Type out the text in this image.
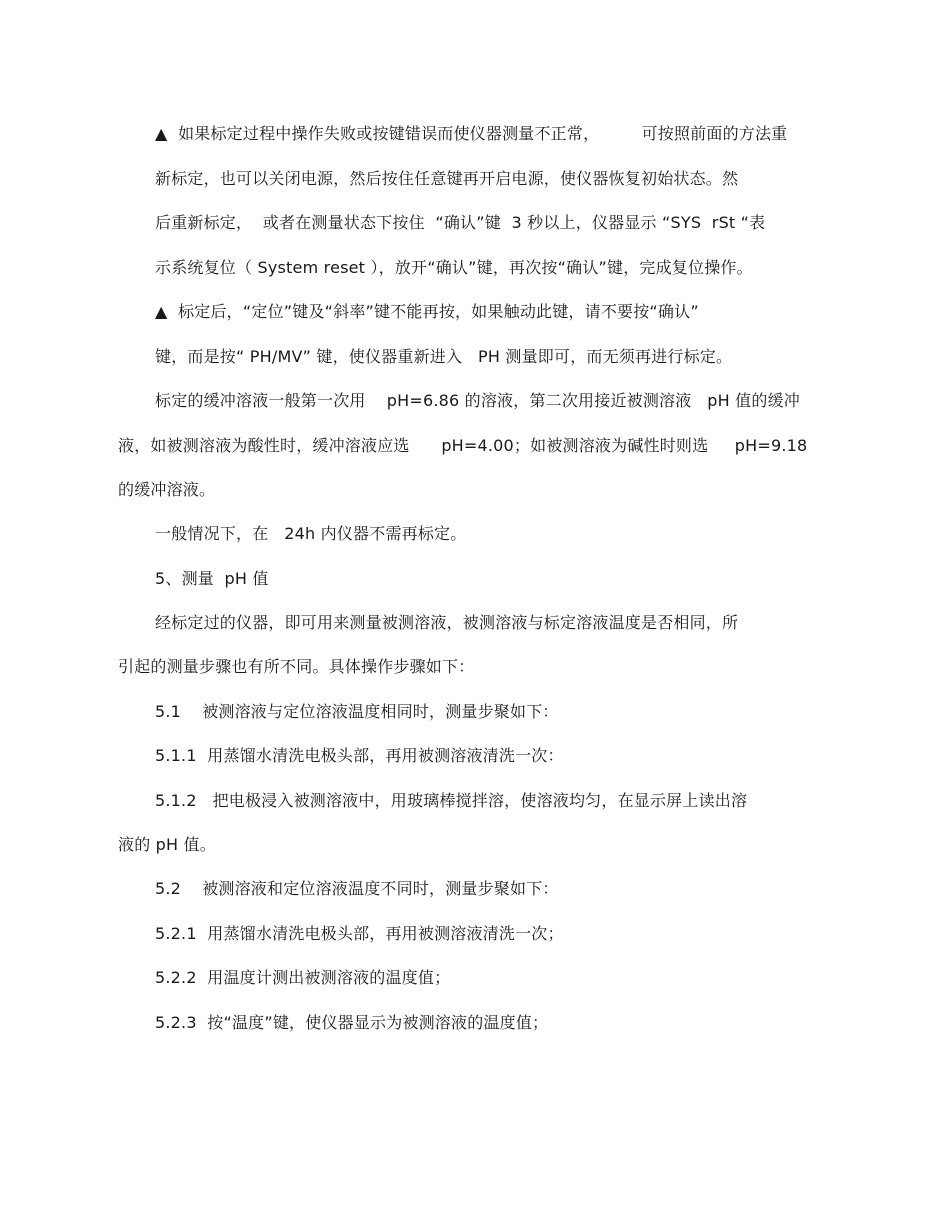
▲  如果标定过程中操作失败或按键错误而使仪器测量不正常，        可按照前面的方法重
新标定，也可以关闭电源，然后按住任意键再开启电源，使仪器恢复初始状态。然
后重新标定，  或者在测量状态下按住  “确认”键  3 秒以上，仪器显示 “SYS  rSt “表
示系统复位（ System reset ），放开“确认”键，再次按“确认”键，完成复位操作。
▲  标定后，“定位”键及“斜率”键不能再按，如果触动此键，请不要按“确认”
键，而是按“ PH/MV” 键，使仪器重新进入   PH 测量即可，而无须再进行标定。
标定的缓冲溶液一般第一次用    pH=6.86 的溶液，第二次用接近被测溶液   pH 值的缓冲
液，如被测溶液为酸性时，缓冲溶液应选      pH=4.00；如被测溶液为碱性时则选     pH=9.18
的缓冲溶液。
一般情况下，在   24h 内仪器不需再标定。
5、测量  pH 值
经标定过的仪器，即可用来测量被测溶液，被测溶液与标定溶液温度是否相同，所
引起的测量步骤也有所不同。具体操作步骤如下：
5.1    被测溶液与定位溶液温度相同时，测量步聚如下：
5.1.1  用蒸馏水清洗电极头部，再用被测溶液清洗一次：
5.1.2   把电极浸入被测溶液中，用玻璃棒搅拌溶，使溶液均匀，在显示屏上读出溶
液的 pH 值。
5.2    被测溶液和定位溶液温度不同时，测量步聚如下：
5.2.1  用蒸馏水清洗电极头部，再用被测溶液清洗一次；
5.2.2  用温度计测出被测溶液的温度值；
5.2.3  按“温度”键，使仪器显示为被测溶液的温度值；
